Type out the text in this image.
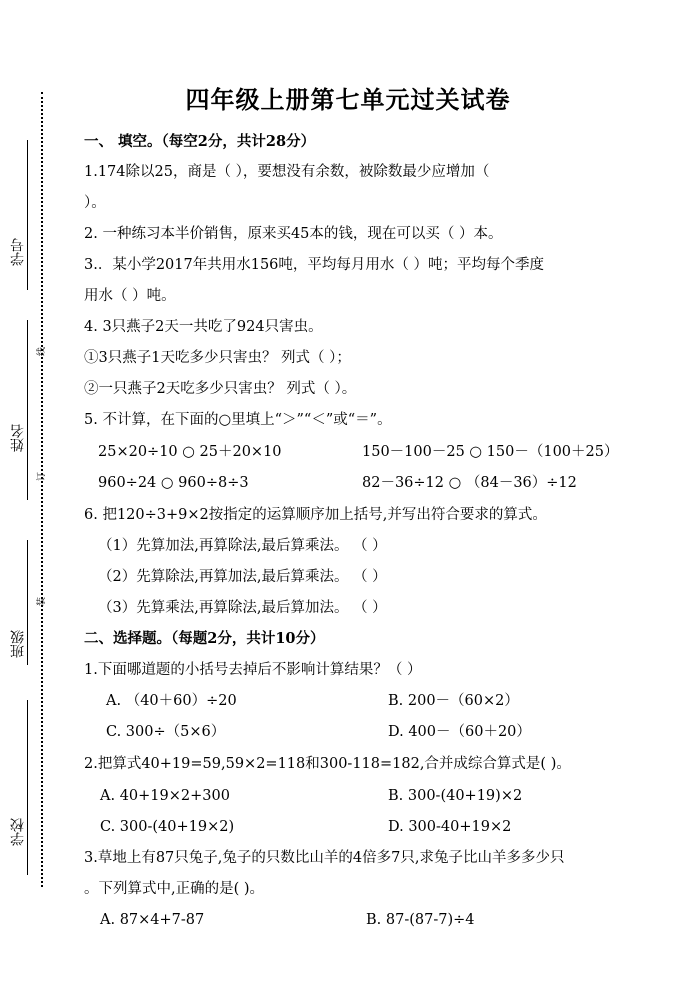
学号
姓名
班级
学校
线
订
装
四年级上册第七单元过关试卷
一、 填空。（每空2分，共计28分）
1.174除以25，商是（ ），要想没有余数，被除数最少应增加（
）。
2. 一种练习本半价销售，原来买45本的钱，现在可以买（ ）本。
3.．某小学2017年共用水156吨，平均每月用水（ ）吨；平均每个季度
用水（ ）吨。
4. 3只燕子2天一共吃了924只害虫。
①3只燕子1天吃多少只害虫？ 列式（ ）；
②一只燕子2天吃多少只害虫？ 列式（ ）。
5. 不计算，在下面的○里填上“＞”“＜”或“＝”。
25×20÷10 ○ 25＋20×10	150－100－25 ○ 150－（100＋25）
960÷24 ○ 960÷8÷3	82－36÷12 ○ （84－36）÷12
6. 把120÷3+9×2按指定的运算顺序加上括号,并写出符合要求的算式。
（1）先算加法,再算除法,最后算乘法。 （ ）
（2）先算除法,再算加法,最后算乘法。 （ ）
（3）先算乘法,再算除法,最后算加法。 （ ）
二、选择题。（每题2分，共计10分）
1.下面哪道题的小括号去掉后不影响计算结果？（ ）
A. （40＋60）÷20	B. 200－（60×2）
C. 300÷（5×6）	D. 400－（60＋20）
2.把算式40+19=59,59×2=118和300-118=182,合并成综合算式是( )。
A. 40+19×2+300	B. 300-(40+19)×2
C. 300-(40+19×2)	D. 300-40+19×2
3.草地上有87只兔子,兔子的只数比山羊的4倍多7只,求兔子比山羊多多少只
。下列算式中,正确的是( )。
A. 87×4+7-87	B. 87-(87-7)÷4
